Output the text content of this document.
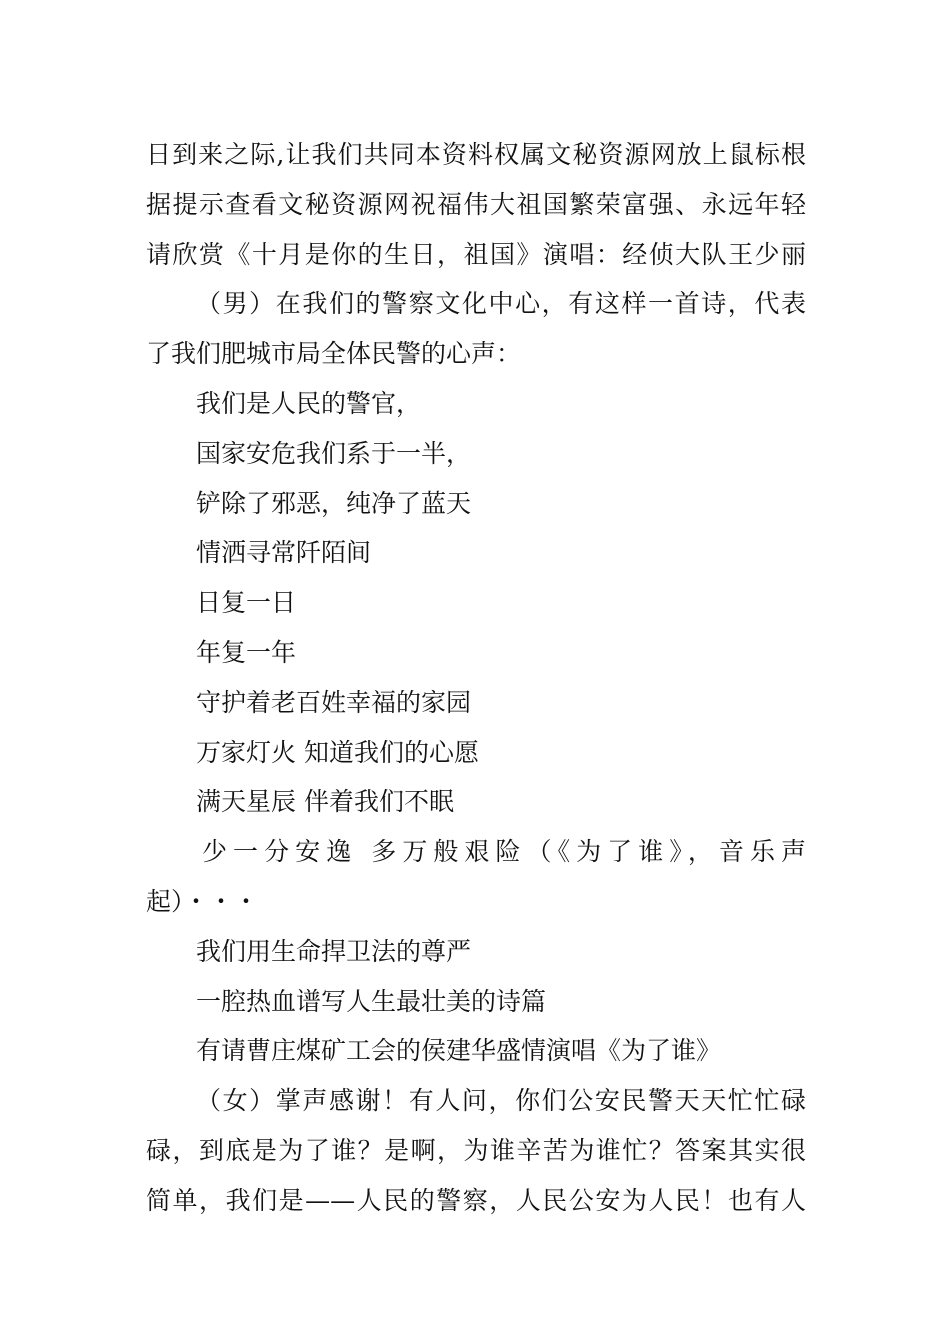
日到来之际,让我们共同本资料权属文秘资源网放上鼠标根
据提示查看文秘资源网祝福伟大祖国繁荣富强、永远年轻
请欣赏《十月是你的生日，祖国》演唱：经侦大队王少丽
（男）在我们的警察文化中心，有这样一首诗，代表
了我们肥城市局全体民警的心声：
我们是人民的警官，
国家安危我们系于一半，
铲除了邪恶，纯净了蓝天
情洒寻常阡陌间
日复一日
年复一年
守护着老百姓幸福的家园
万家灯火 知道我们的心愿
满天星辰 伴着我们不眠
少一分安逸 多万般艰险（《为了谁》，音乐声
起）・・・
我们用生命捍卫法的尊严
一腔热血谱写人生最壮美的诗篇
有请曹庄煤矿工会的侯建华盛情演唱《为了谁》
（女）掌声感谢！有人问，你们公安民警天天忙忙碌
碌，到底是为了谁？是啊，为谁辛苦为谁忙？答案其实很
简单，我们是——人民的警察，人民公安为人民！也有人
